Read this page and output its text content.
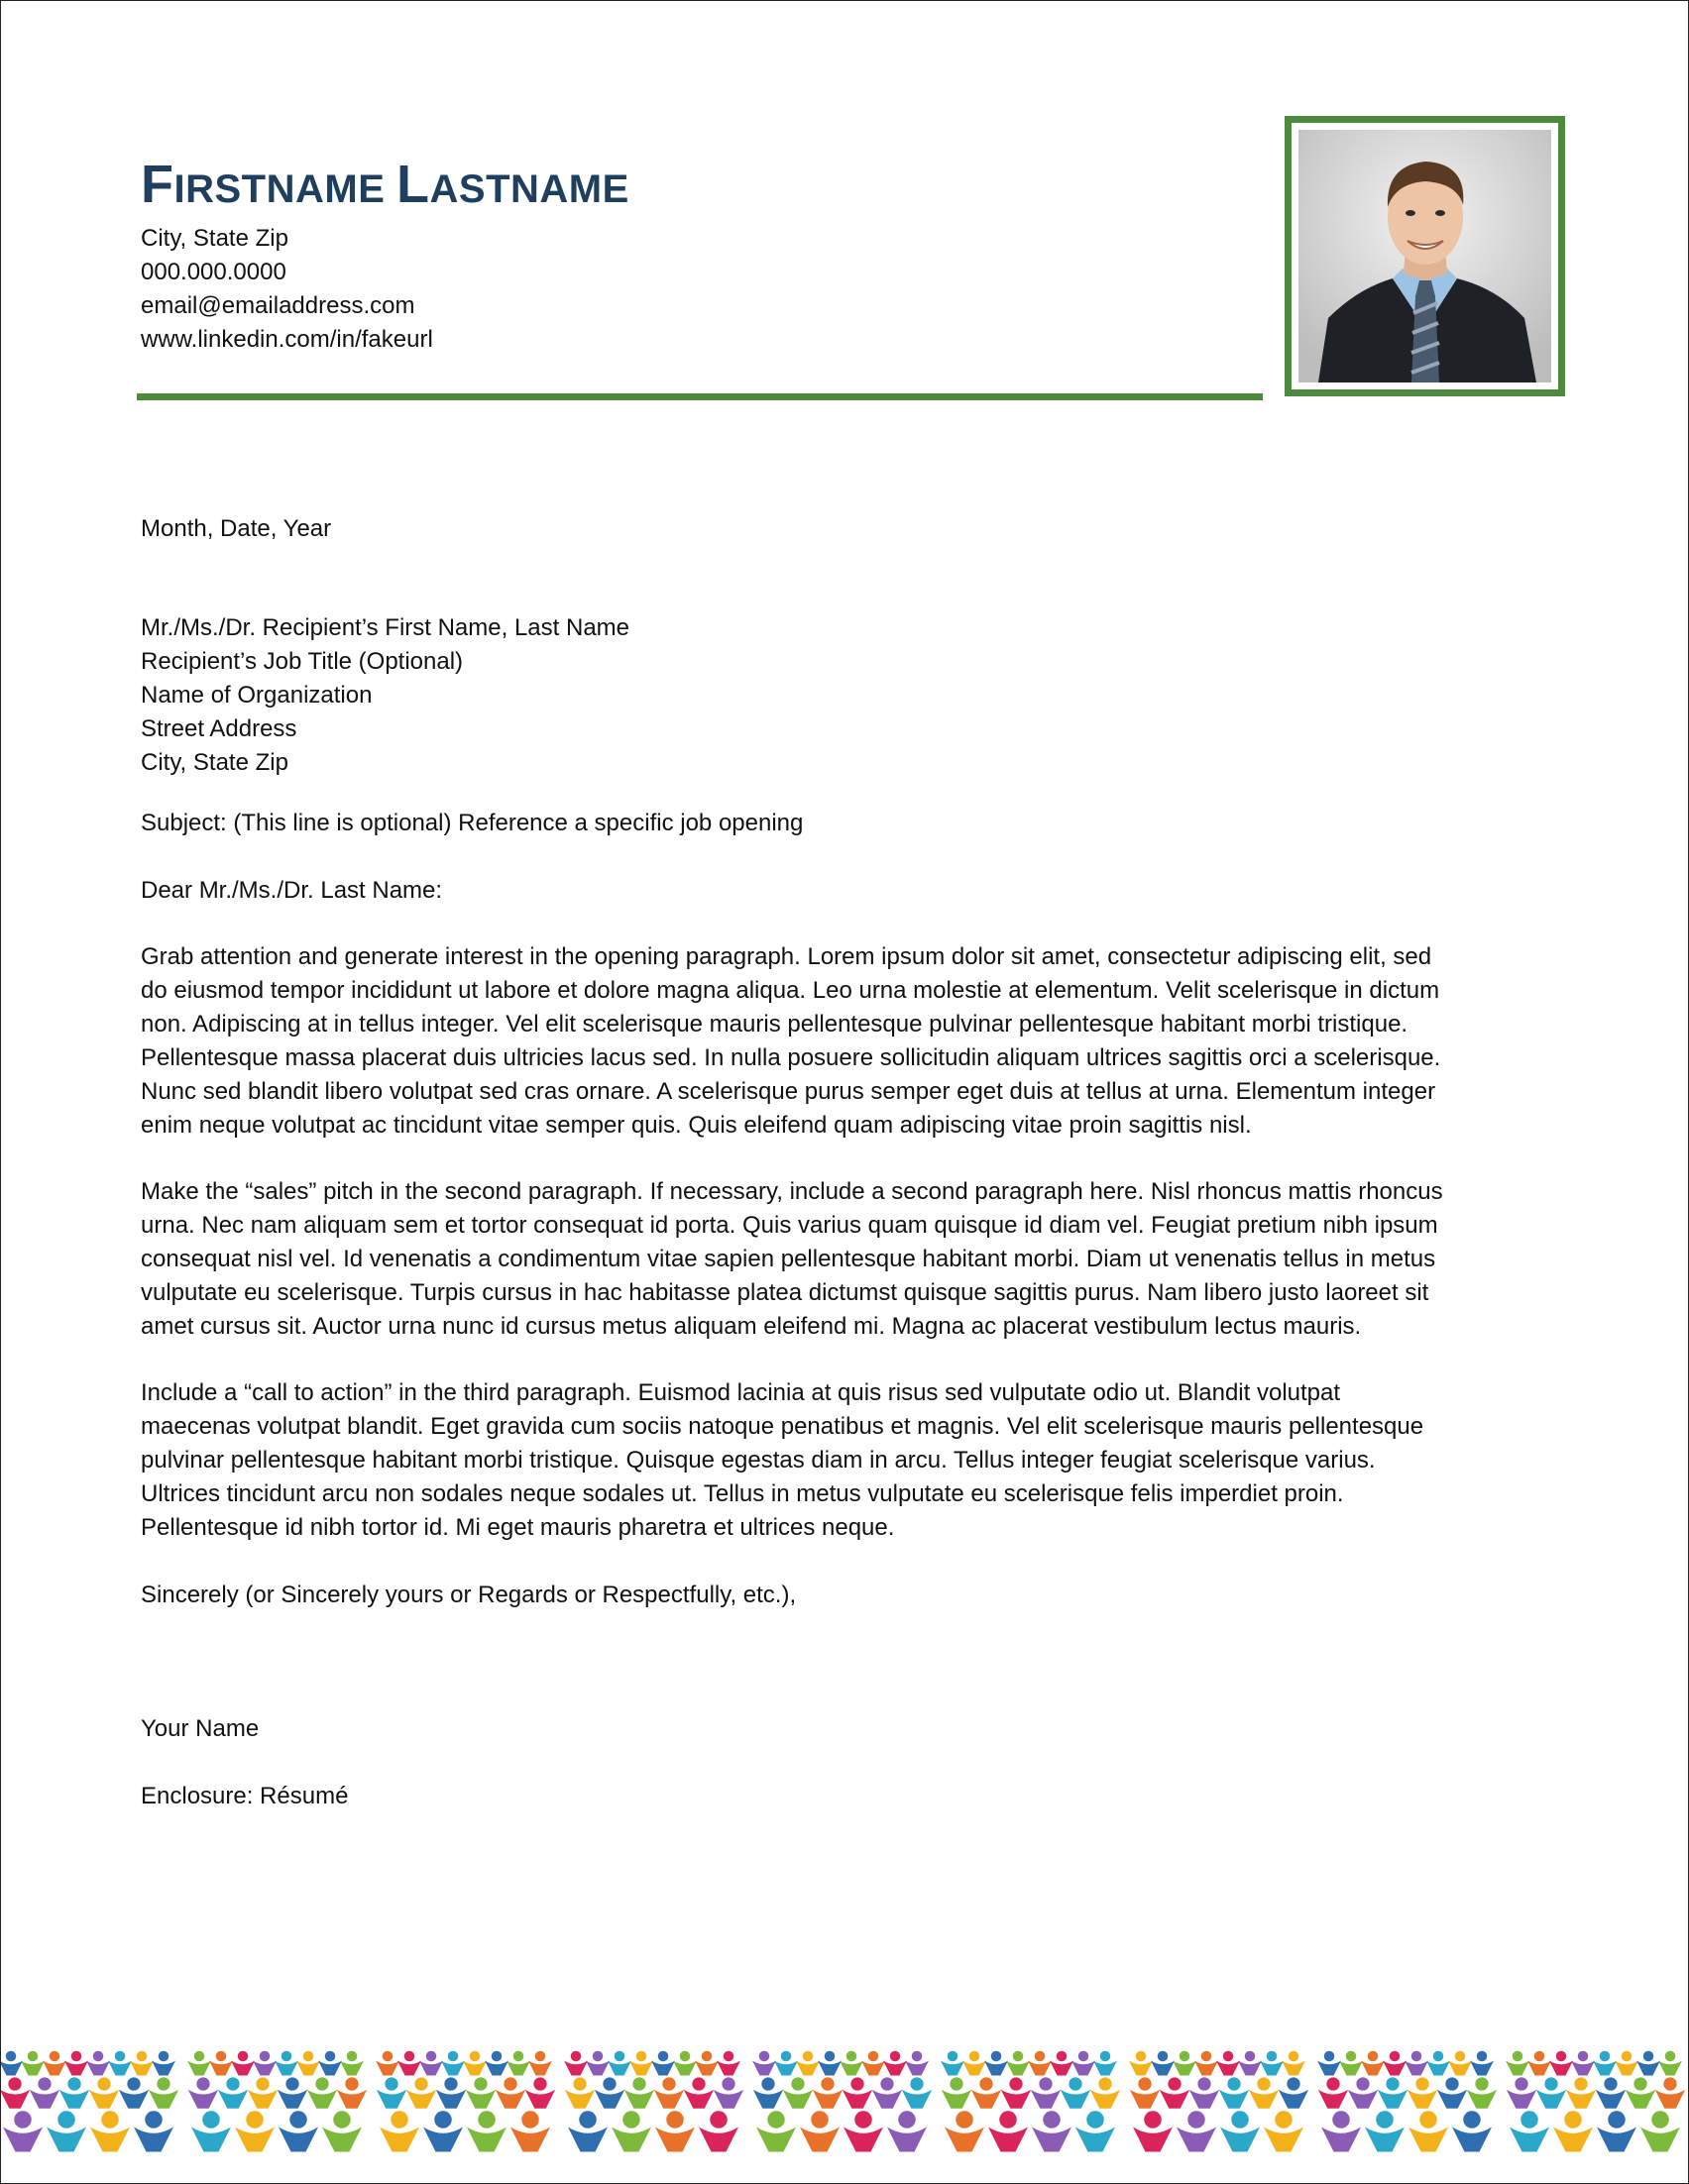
FIRSTNAME LASTNAME
City, State Zip
000.000.0000
email@emailaddress.com
www.linkedin.com/in/fakeurl
Month, Date, Year
Mr./Ms./Dr. Recipient’s First Name, Last Name
Recipient’s Job Title (Optional)
Name of Organization
Street Address
City, State Zip
Subject: (This line is optional) Reference a specific job opening
Dear Mr./Ms./Dr. Last Name:
Grab attention and generate interest in the opening paragraph. Lorem ipsum dolor sit amet, consectetur adipiscing elit, sed
do eiusmod tempor incididunt ut labore et dolore magna aliqua. Leo urna molestie at elementum. Velit scelerisque in dictum
non. Adipiscing at in tellus integer. Vel elit scelerisque mauris pellentesque pulvinar pellentesque habitant morbi tristique.
Pellentesque massa placerat duis ultricies lacus sed. In nulla posuere sollicitudin aliquam ultrices sagittis orci a scelerisque.
Nunc sed blandit libero volutpat sed cras ornare. A scelerisque purus semper eget duis at tellus at urna. Elementum integer
enim neque volutpat ac tincidunt vitae semper quis. Quis eleifend quam adipiscing vitae proin sagittis nisl.
Make the “sales” pitch in the second paragraph. If necessary, include a second paragraph here. Nisl rhoncus mattis rhoncus
urna. Nec nam aliquam sem et tortor consequat id porta. Quis varius quam quisque id diam vel. Feugiat pretium nibh ipsum
consequat nisl vel. Id venenatis a condimentum vitae sapien pellentesque habitant morbi. Diam ut venenatis tellus in metus
vulputate eu scelerisque. Turpis cursus in hac habitasse platea dictumst quisque sagittis purus. Nam libero justo laoreet sit
amet cursus sit. Auctor urna nunc id cursus metus aliquam eleifend mi. Magna ac placerat vestibulum lectus mauris.
Include a “call to action” in the third paragraph. Euismod lacinia at quis risus sed vulputate odio ut. Blandit volutpat
maecenas volutpat blandit. Eget gravida cum sociis natoque penatibus et magnis. Vel elit scelerisque mauris pellentesque
pulvinar pellentesque habitant morbi tristique. Quisque egestas diam in arcu. Tellus integer feugiat scelerisque varius.
Ultrices tincidunt arcu non sodales neque sodales ut. Tellus in metus vulputate eu scelerisque felis imperdiet proin.
Pellentesque id nibh tortor id. Mi eget mauris pharetra et ultrices neque.
Sincerely (or Sincerely yours or Regards or Respectfully, etc.),
Your Name
Enclosure: Résumé
